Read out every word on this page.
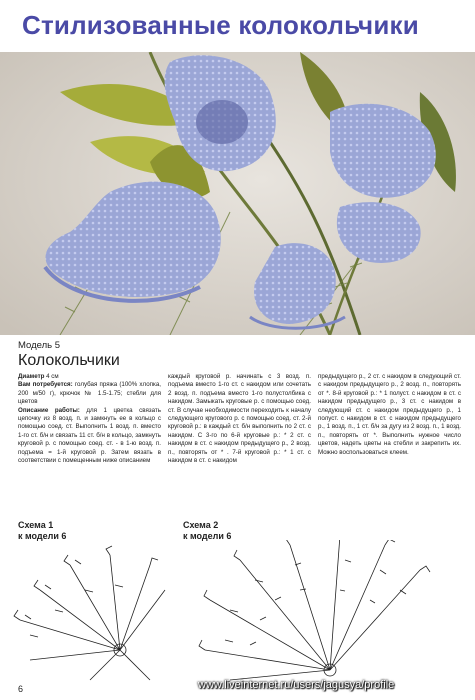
Стилизованные колокольчики
Модель 5
Колокольчики
Диаметр 4 см
Вам потребуется: голубая пряжа (100% хлопка, 200 м/50 г), крючок № 1.5-1.75; стебли для цветов
Описание работы: для 1 цветка связать цепочку из 8 возд. п. и замкнуть ее в кольцо с помощью соед. ст. Выполнить 1 возд. п. вместо 1-го ст. б/н и связать 11 ст. б/н в кольцо, замкнуть круговой р. с помощью соед. ст. - в 1-ю возд. п. подъема = 1-й круговой р. Затем вязать в соответствии с помещенным ниже описанием
каждый круговой р. начинать с 3 возд. п. подъема вместо 1-го ст. с накидом или сочетать 2 возд. п. подъема вместо 1-го полустолбика с накидом. Замыкать круговые р. с помощью соед. ст. В случае необходимости переходить к началу следующего кругового р. с помощью соед. ст. 2-й круговой р.: в каждый ст. б/н выполнить по 2 ст. с накидом. С 3-го по 6-й круговые р.: * 2 ст. с накидом в ст. с накидом предыдущего р., 2 возд. п., повторять от * . 7-й круговой р.: * 1 ст. с накидом в ст. с накидом
предыдущего р., 2 ст. с накидом в следующий ст. с накидом предыдущего р., 2 возд. п., повторять от *. 8-й круговой р.: * 1 полуст. с накидом в ст. с накидом предыдущего р., 3 ст. с накидом в следующий ст. с накидом предыдущего р., 1 полуст. с накидом в ст. с накидом предыдущего р., 1 возд. п., 1 ст. б/н за дугу из 2 возд. п., 1 возд. п., повторять от *. Выполнить нужное число цветов, надеть цветы на стебли и закрепить их. Можно воспользоваться клеем.
Схема 1
к модели 6
Схема 2
к модели 6
6	www.liveinternet.ru/users/jagusya/profile
